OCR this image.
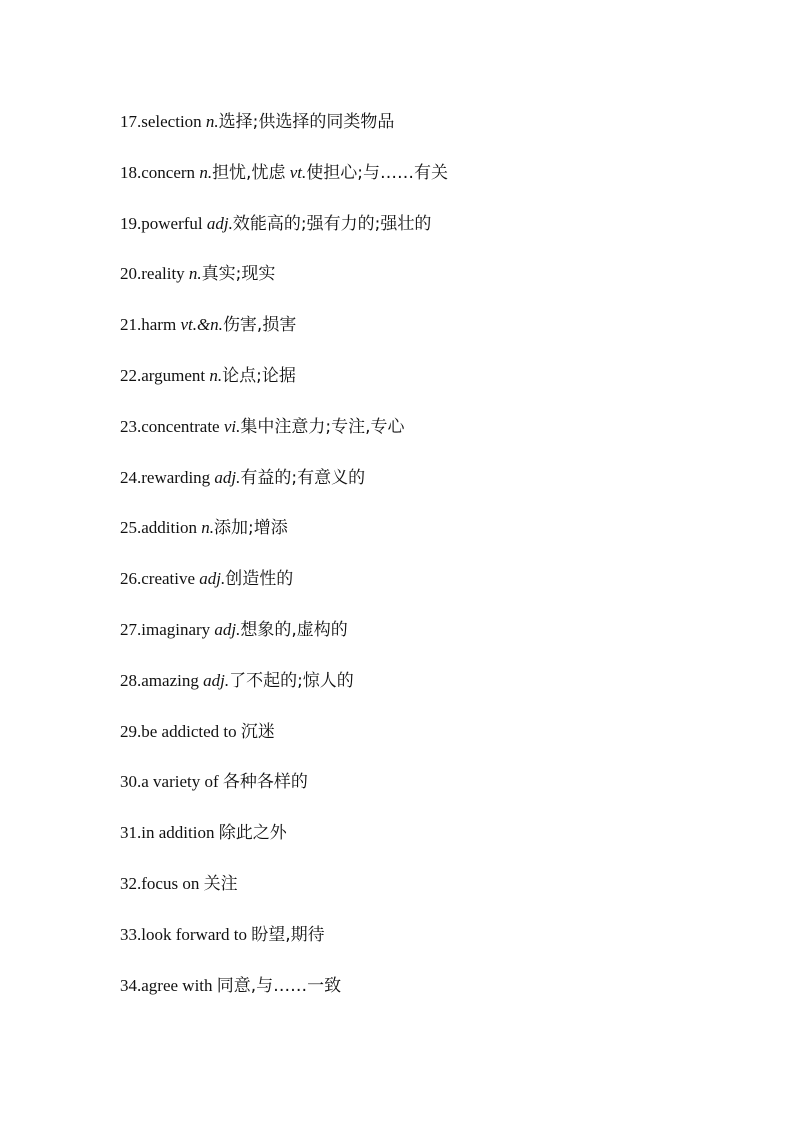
17.selection n.选择;供选择的同类物品
18.concern n.担忧,忧虑 vt.使担心;与……有关
19.powerful adj.效能高的;强有力的;强壮的
20.reality n.真实;现实
21.harm vt.&n.伤害,损害
22.argument n.论点;论据
23.concentrate vi.集中注意力;专注,专心
24.rewarding adj.有益的;有意义的
25.addition n.添加;增添
26.creative adj.创造性的
27.imaginary adj.想象的,虚构的
28.amazing adj.了不起的;惊人的
29.be addicted to 沉迷
30.a variety of 各种各样的
31.in addition 除此之外
32.focus on 关注
33.look forward to 盼望,期待
34.agree with 同意,与……一致
